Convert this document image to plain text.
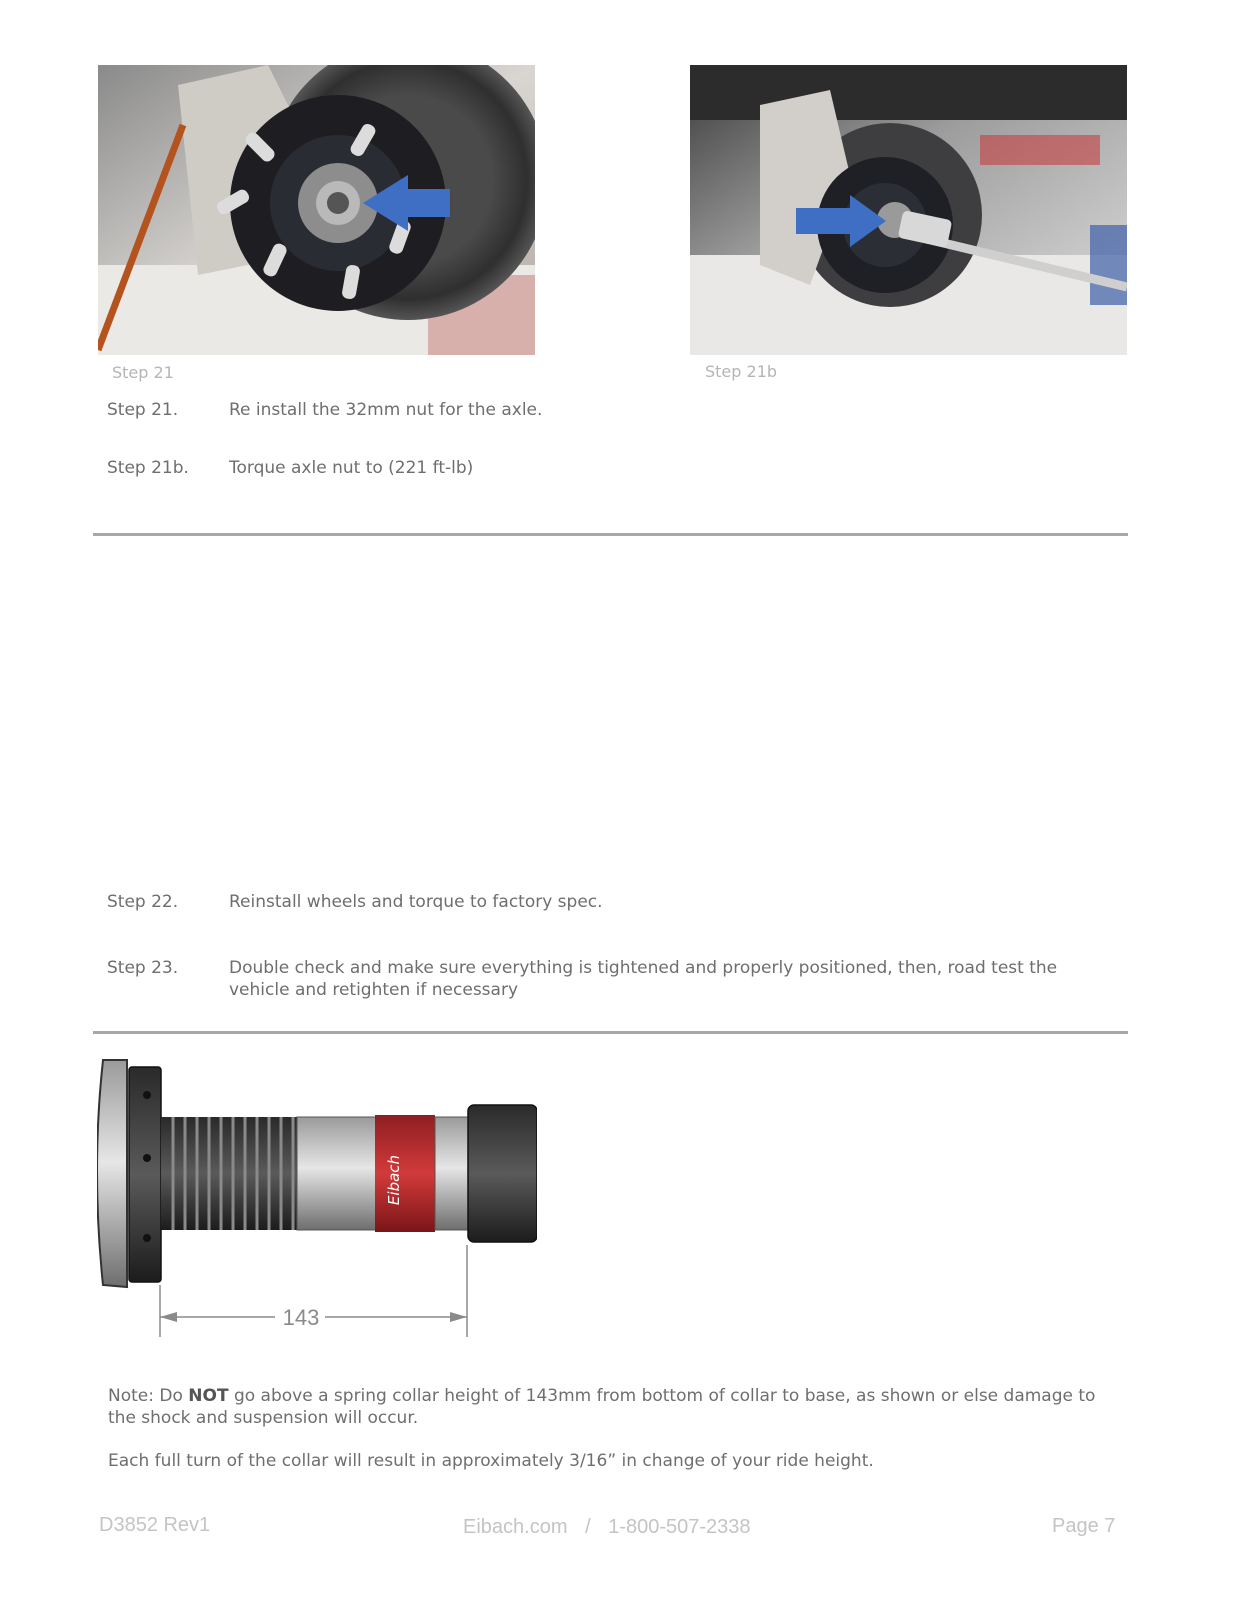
Step 21	Step 21b
Step 21.	Re install the 32mm nut for the axle.
Step 21b. Torque axle nut to (221 ft-lb)
Step 22.	Reinstall wheels and torque to factory spec.
Step 23.	Double check and make sure everything is tightened and properly positioned, then, road test the vehicle and retighten if necessary
Eibach
143
Note: Do NOT go above a spring collar height of 143mm from bottom of collar to base, as shown or else damage to the shock and suspension will occur.
Each full turn of the collar will result in approximately 3/16” in change of your ride height.
D3852 Rev1	Eibach.com / 1-800-507-2338	Page 7
